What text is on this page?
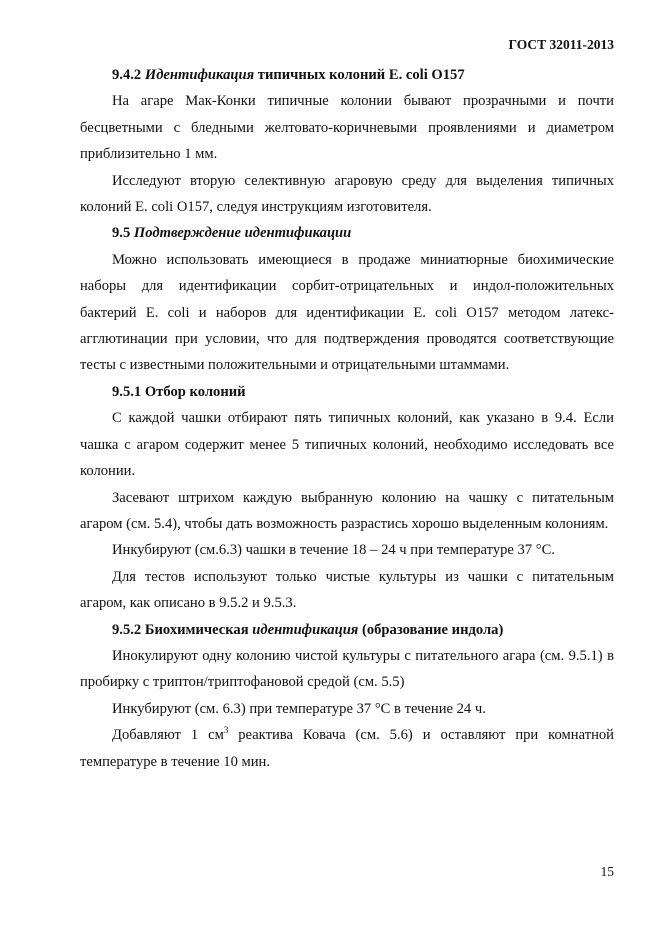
ГОСТ 32011-2013

9.4.2 Идентификация типичных колоний E. coli O157

На агаре Мак-Конки типичные колонии бывают прозрачными и почти бесцветными с бледными желтовато-коричневыми проявлениями и диаметром приблизительно 1 мм.

Исследуют вторую селективную агаровую среду для выделения типичных колоний E. coli O157, следуя инструкциям изготовителя.

9.5 Подтверждение идентификации

Можно использовать имеющиеся в продаже миниатюрные биохимические наборы для идентификации сорбит-отрицательных и индол-положительных бактерий E. coli и наборов для идентификации E. coli O157 методом латекс-агглютинации при условии, что для подтверждения проводятся соответствующие тесты с известными положительными и отрицательными штаммами.

9.5.1 Отбор колоний

С каждой чашки отбирают пять типичных колоний, как указано в 9.4. Если чашка с агаром содержит менее 5 типичных колоний, необходимо исследовать все колонии.

Засевают штрихом каждую выбранную колонию на чашку с питательным агаром (см. 5.4), чтобы дать возможность разрастись хорошо выделенным колониям.

Инкубируют (см.6.3) чашки в течение 18 – 24 ч при температуре 37 °С.

Для тестов используют только чистые культуры из чашки с питательным агаром, как описано в 9.5.2 и 9.5.3.

9.5.2 Биохимическая идентификация (образование индола)

Инокулируют одну колонию чистой культуры с питательного агара (см. 9.5.1) в пробирку с триптон/триптофановой средой (см. 5.5)

Инкубируют (см. 6.3) при температуре 37 °С в течение 24 ч.

Добавляют 1 $см^3$ реактива Ковача (см. 5.6) и оставляют при комнатной температуре в течение 10 мин.

15
